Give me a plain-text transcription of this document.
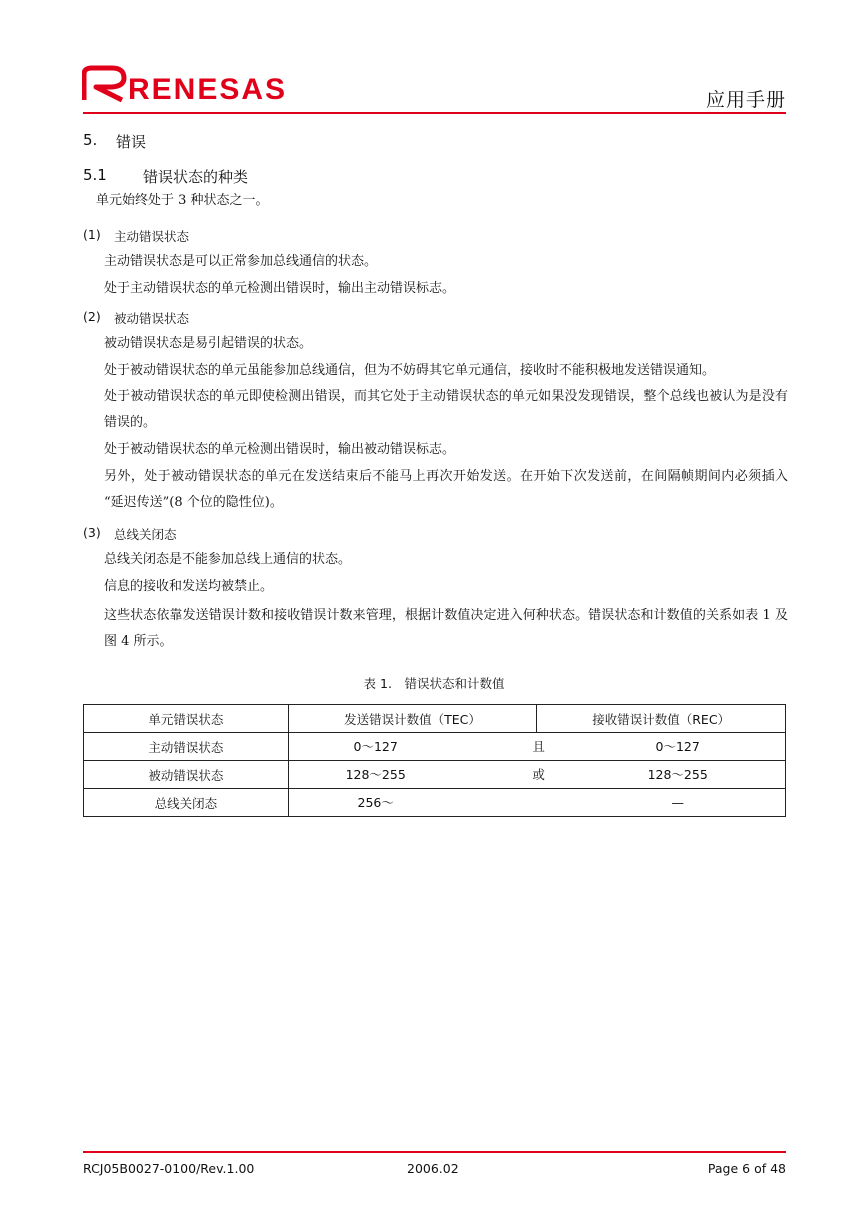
RENESAS	应用手册
5. 错误
5.1 错误状态的种类
单元始终处于 3 种状态之一。
(1) 主动错误状态
主动错误状态是可以正常参加总线通信的状态。
处于主动错误状态的单元检测出错误时，输出主动错误标志。
(2) 被动错误状态
被动错误状态是易引起错误的状态。
处于被动错误状态的单元虽能参加总线通信，但为不妨碍其它单元通信，接收时不能积极地发送错误通知。
处于被动错误状态的单元即使检测出错误，而其它处于主动错误状态的单元如果没发现错误，整个总线也被认为是没有错误的。
处于被动错误状态的单元检测出错误时，输出被动错误标志。
另外，处于被动错误状态的单元在发送结束后不能马上再次开始发送。在开始下次发送前，在间隔帧期间内必须插入 “延迟传送”(8 个位的隐性位)。
(3) 总线关闭态
总线关闭态是不能参加总线上通信的状态。
信息的接收和发送均被禁止。
这些状态依靠发送错误计数和接收错误计数来管理，根据计数值决定进入何种状态。错误状态和计数值的关系如表 1 及图 4 所示。
表 1.　错误状态和计数值
单元错误状态	发送错误计数值（TEC）	接收错误计数值（REC）
主动错误状态	0～127 且 0～127	

被动错误状态	128～255 或 128～255	

总线关闭态	256～ —	
RCJ05B0027-0100/Rev.1.00	2006.02	Page 6 of 48
